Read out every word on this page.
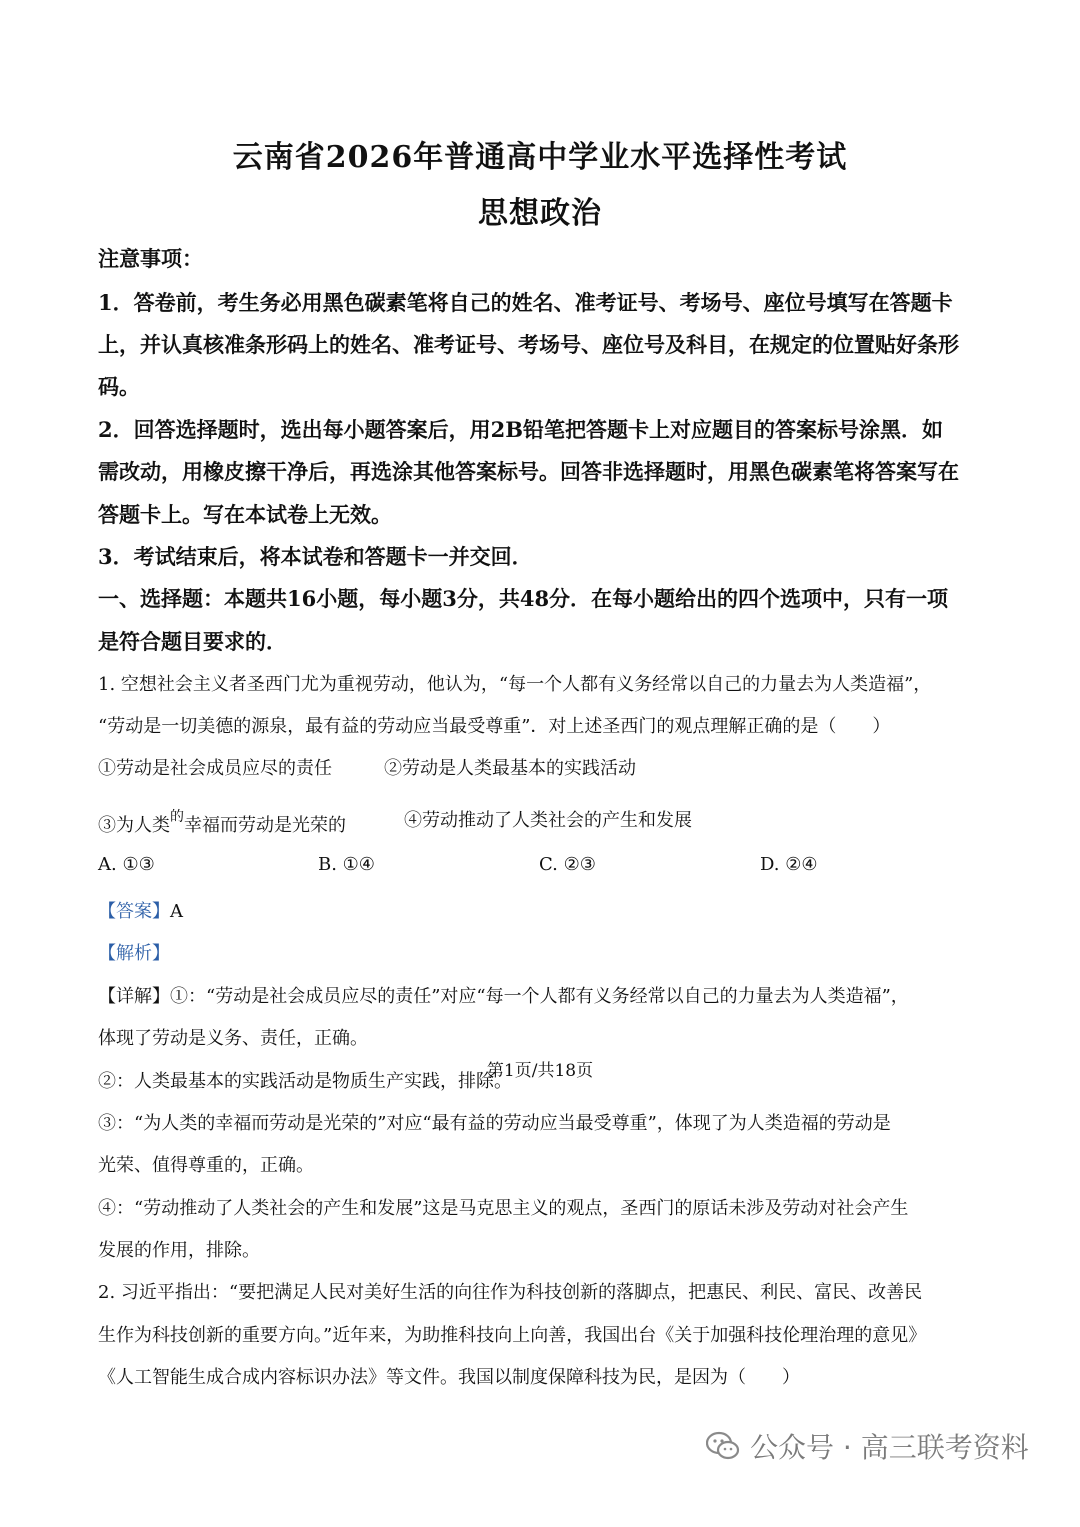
云南省2026年普通高中学业水平选择性考试
思想政治
注意事项：
1．答卷前，考生务必用黑色碳素笔将自己的姓名、准考证号、考场号、座位号填写在答题卡
上，并认真核准条形码上的姓名、准考证号、考场号、座位号及科目，在规定的位置贴好条形
码。
2．回答选择题时，选出每小题答案后，用2B铅笔把答题卡上对应题目的答案标号涂黑．如
需改动，用橡皮擦干净后，再选涂其他答案标号。回答非选择题时，用黑色碳素笔将答案写在
答题卡上。写在本试卷上无效。
3．考试结束后，将本试卷和答题卡一并交回．
一、选择题：本题共16小题，每小题3分，共48分．在每小题给出的四个选项中，只有一项
是符合题目要求的．
1. 空想社会主义者圣西门尤为重视劳动，他认为，“每一个人都有义务经常以自己的力量去为人类造福”，
“劳动是一切美德的源泉，最有益的劳动应当最受尊重”．对上述圣西门的观点理解正确的是（　　）
①劳动是社会成员应尽的责任	②劳动是人类最基本的实践活动
③为人类$^的$幸福而劳动是光荣的	④劳动推动了人类社会的产生和发展
A. ①③	B. ①④	C. ②③	D. ②④
【答案】A
【解析】
【详解】①：“劳动是社会成员应尽的责任”对应“每一个人都有义务经常以自己的力量去为人类造福”，
体现了劳动是义务、责任，正确。
②：人类最基本的实践活动是物质生产实践，排除。
③：“为人类的幸福而劳动是光荣的”对应“最有益的劳动应当最受尊重”，体现了为人类造福的劳动是
光荣、值得尊重的，正确。
④：“劳动推动了人类社会的产生和发展”这是马克思主义的观点，圣西门的原话未涉及劳动对社会产生
发展的作用，排除。
2. 习近平指出：“要把满足人民对美好生活的向往作为科技创新的落脚点，把惠民、利民、富民、改善民
生作为科技创新的重要方向。”近年来，为助推科技向上向善，我国出台《关于加强科技伦理治理的意见》
《人工智能生成合成内容标识办法》等文件。我国以制度保障科技为民，是因为（　　）
第1页/共18页
公众号 · 高三联考资料
